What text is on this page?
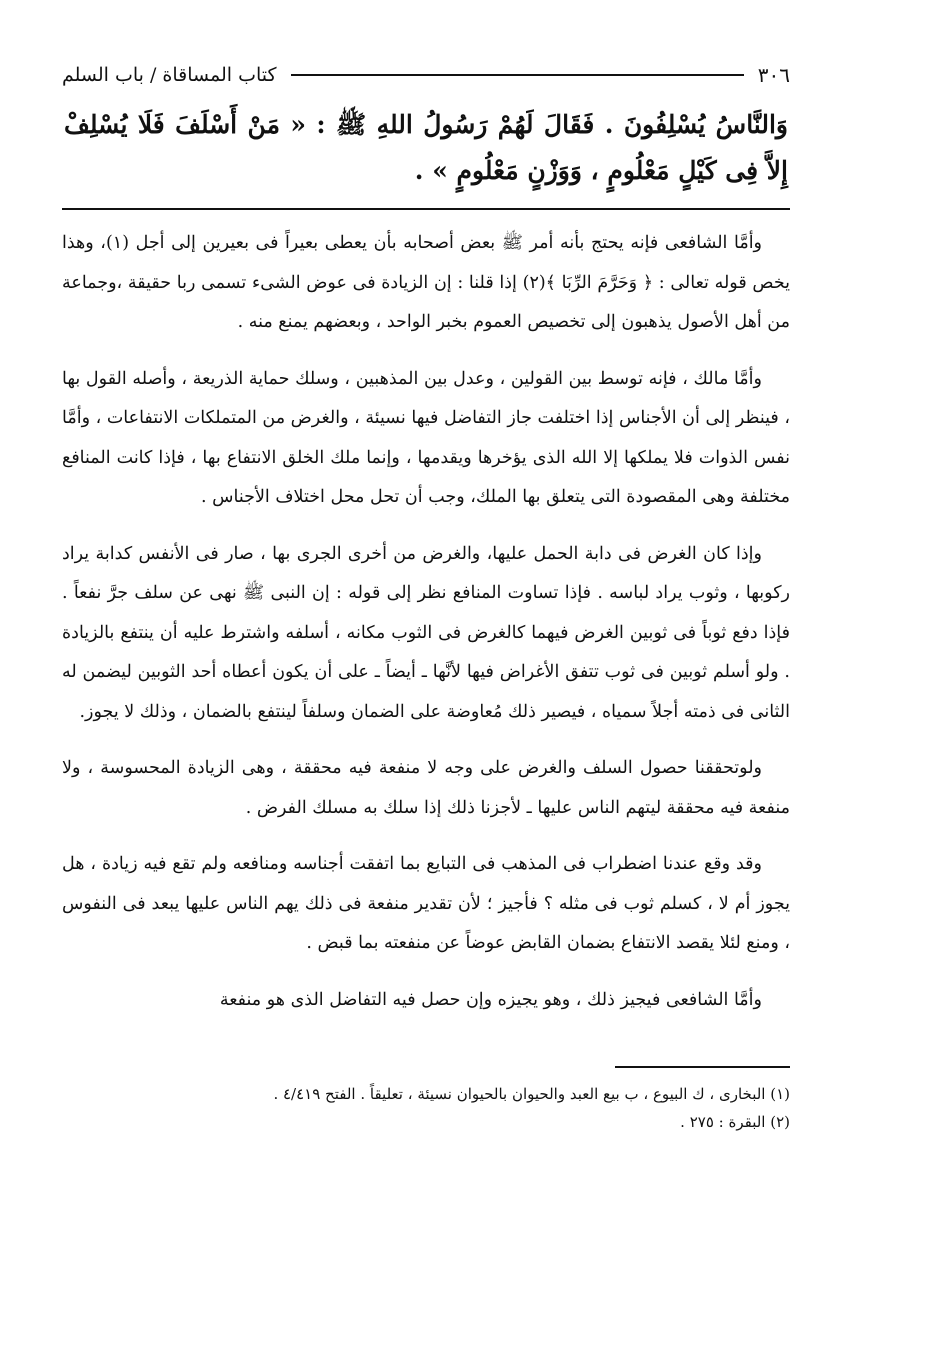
٣٠٦
كتاب المساقاة / باب السلم
وَالنَّاسُ يُسْلِفُونَ . فَقَالَ لَهُمْ رَسُولُ اللهِ ﷺ : « مَنْ أَسْلَفَ فَلَا يُسْلِفْ إِلاَّ فِى كَيْلٍ مَعْلُومٍ ، وَوَزْنٍ مَعْلُومٍ » .

وأمَّا الشافعى فإنه يحتج بأنه أمر ﷺ بعض أصحابه بأن يعطى بعيراً فى بعيرين إلى أجل (١)، وهذا يخص قوله تعالى : ﴿ وَحَرَّمَ الرِّبَا ﴾(٢) إذا قلنا : إن الزيادة فى عوض الشىء تسمى ربا حقيقة ،وجماعة من أهل الأصول يذهبون إلى تخصيص العموم بخبر الواحد ، وبعضهم يمنع منه .

وأمَّا مالك ، فإنه توسط بين القولين ، وعدل بين المذهبين ، وسلك حماية الذريعة ، وأصله القول بها ، فينظر إلى أن الأجناس إذا اختلفت جاز التفاضل فيها نسيئة ، والغرض من المتملكات الانتفاعات ، وأمَّا نفس الذوات فلا يملكها إلا الله الذى يؤخرها ويقدمها ، وإنما ملك الخلق الانتفاع بها ، فإذا كانت المنافع مختلفة وهى المقصودة التى يتعلق بها الملك، وجب أن تحل محل اختلاف الأجناس .

وإذا كان الغرض فى دابة الحمل عليها، والغرض من أخرى الجرى بها ، صار فى الأنفس كدابة يراد ركوبها ، وثوب يراد لباسه . فإذا تساوت المنافع نظر إلى قوله : إن النبى ﷺ نهى عن سلف جرَّ نفعاً . فإذا دفع ثوباً فى ثوبين الغرض فيهما كالغرض فى الثوب مكانه ، أسلفه واشترط عليه أن ينتفع بالزيادة . ولو أسلم ثوبين فى ثوب تتفق الأغراض فيها لأنَّها ـ أيضاً ـ على أن يكون أعطاه أحد الثوبين ليضمن له الثانى فى ذمته أجلاً سمياه ، فيصير ذلك مُعاوضة على الضمان وسلفاً لينتفع بالضمان ، وذلك لا يجوز.

ولوتحققنا حصول السلف والغرض على وجه لا منفعة فيه محققة ، وهى الزيادة المحسوسة ، ولا منفعة فيه محققة ليتهم الناس عليها ـ لأجزنا ذلك إذا سلك به مسلك الفرض .

وقد وقع عندنا اضطراب فى المذهب فى التبايع بما اتفقت أجناسه ومنافعه ولم تقع فيه زيادة ، هل يجوز أم لا ، كسلم ثوب فى مثله ؟ فأجيز ؛ لأن تقدير منفعة فى ذلك يهم الناس عليها يبعد فى النفوس ، ومنع لئلا يقصد الانتفاع بضمان القابض عوضاً عن منفعته بما قبض .

وأمَّا الشافعى فيجيز ذلك ، وهو يجيزه وإن حصل فيه التفاضل الذى هو منفعة

(١) البخارى ، ك البيوع ، ب بيع العبد والحيوان بالحيوان نسيئة ، تعليقاً . الفتح ٤/٤١٩ .
(٢) البقرة : ٢٧٥ .
